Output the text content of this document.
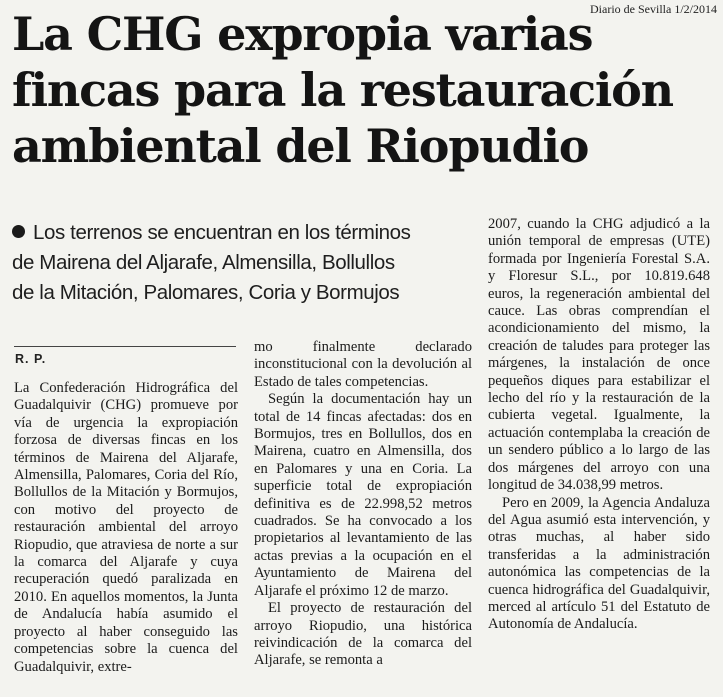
Diario de Sevilla 1/2/2014
La CHG expropia varias
fincas para la restauración
ambiental del Riopudio
Los terrenos se encuentran en los términos
de Mairena del Aljarafe, Almensilla, Bollullos
de la Mitación, Palomares, Coria y Bormujos
R. P.

La Confederación Hidrográfica del Guadalquivir (CHG) promueve por vía de urgencia la expropiación forzosa de diversas fincas en los términos de Mairena del Aljarafe, Almensilla, Palomares, Coria del Río, Bollullos de la Mitación y Bormujos, con motivo del proyecto de restauración ambiental del arroyo Riopudio, que atraviesa de norte a sur la comarca del Aljarafe y cuya recuperación quedó paralizada en 2010. En aquellos momentos, la Junta de Andalucía había asumido el proyecto al haber conseguido las competencias sobre la cuenca del Guadalquivir, extre-

mo finalmente declarado inconstitucional con la devolución al Estado de tales competencias.

Según la documentación hay un total de 14 fincas afectadas: dos en Bormujos, tres en Bollullos, dos en Mairena, cuatro en Almensilla, dos en Palomares y una en Coria. La superficie total de expropiación definitiva es de 22.998,52 metros cuadrados. Se ha convocado a los propietarios al levantamiento de las actas previas a la ocupación en el Ayuntamiento de Mairena del Aljarafe el próximo 12 de marzo.

El proyecto de restauración del arroyo Riopudio, una histórica reivindicación de la comarca del Aljarafe, se remonta a

2007, cuando la CHG adjudicó a la unión temporal de empresas (UTE) formada por Ingeniería Forestal S.A. y Floresur S.L., por 10.819.648 euros, la regeneración ambiental del cauce. Las obras comprendían el acondicionamiento del mismo, la creación de taludes para proteger las márgenes, la instalación de once pequeños diques para estabilizar el lecho del río y la restauración de la cubierta vegetal. Igualmente, la actuación contemplaba la creación de un sendero público a lo largo de las dos márgenes del arroyo con una longitud de 34.038,99 metros.

Pero en 2009, la Agencia Andaluza del Agua asumió esta intervención, y otras muchas, al haber sido transferidas a la administración autonómica las competencias de la cuenca hidrográfica del Guadalquivir, merced al artículo 51 del Estatuto de Autonomía de Andalucía.
